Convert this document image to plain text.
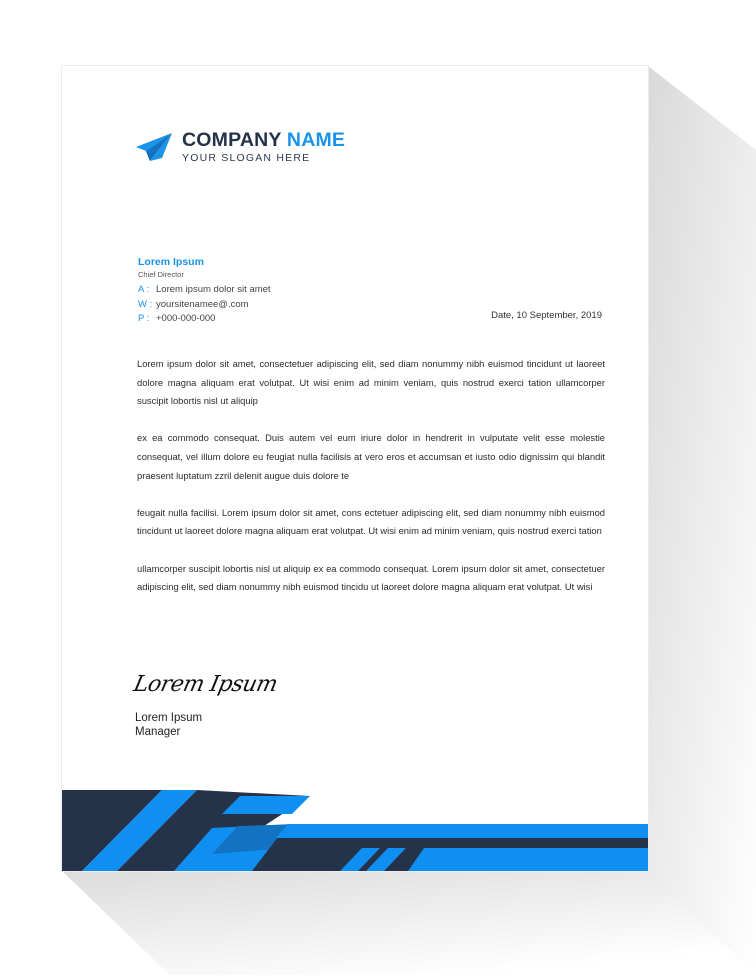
COMPANY NAME
YOUR SLOGAN HERE
Lorem Ipsum
Chief Director
A : Lorem ipsum dolor sit amet
W : yoursitenamee@.com
P : +000-000-000	Date, 10 September, 2019

Lorem ipsum dolor sit amet, consectetuer adipiscing elit, sed diam nonummy nibh euismod tincidunt ut laoreet dolore magna aliquam erat volutpat. Ut wisi enim ad minim veniam, quis nostrud exerci tation ullamcorper suscipit lobortis nisl ut aliquip

ex ea commodo consequat. Duis autem vel eum iriure dolor in hendrerit in vulputate velit esse molestie consequat, vel illum dolore eu feugiat nulla facilisis at vero eros et accumsan et iusto odio dignissim qui blandit praesent luptatum zzril delenit augue duis dolore te

feugait nulla facilisi. Lorem ipsum dolor sit amet, cons ectetuer adipiscing elit, sed diam nonummy nibh euismod tincidunt ut laoreet dolore magna aliquam erat volutpat. Ut wisi enim ad minim veniam, quis nostrud exerci tation

ullamcorper suscipit lobortis nisl ut aliquip ex ea commodo consequat. Lorem ipsum dolor sit amet, consectetuer adipiscing elit, sed diam nonummy nibh euismod tincidu ut laoreet dolore magna aliquam erat volutpat. Ut wisi

Lorem Ipsum
Lorem Ipsum
Manager
